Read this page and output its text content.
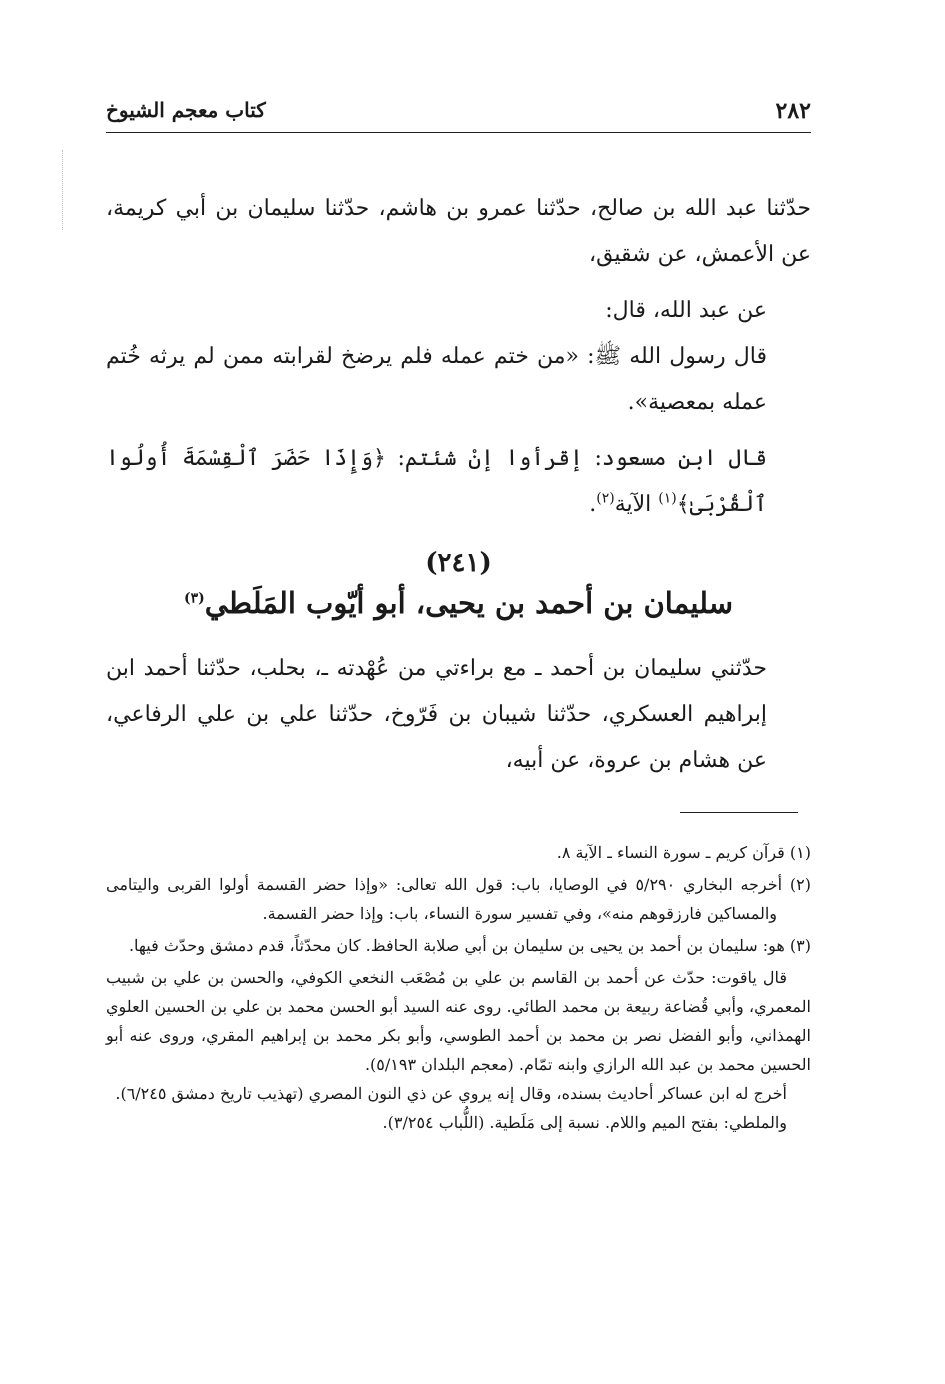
٢٨٢
كتاب معجم الشيوخ

حدّثنا عبد الله بن صالح، حدّثنا عمرو بن هاشم، حدّثنا سليمان بن أبي كريمة، عن الأعمش، عن شقيق،

عن عبد الله، قال:

قال رسول الله ﷺ: «من ختم عمله فلم يرضخ لقرابته ممن لم يرثه خُتم عمله بمعصية».

قال ابن مسعود: إقرأوا إنْ شئتم: ﴿وَإِذَا حَضَرَ ٱلْقِسْمَةَ أُولُوا ٱلْقُرْبَىٰ﴾$^{(١)}$ الآية$^{(٢)}$.

(٢٤١)
سليمان بن أحمد بن يحيى، أبو أيّوب المَلَطي$^{(٣)}$

حدّثني سليمان بن أحمد ـ مع براءتي من عُهْدته ـ، بحلب، حدّثنا أحمد ابن إبراهيم العسكري، حدّثنا شيبان بن فَرّوخ، حدّثنا علي بن علي الرفاعي، عن هشام بن عروة، عن أبيه،

(١) قرآن كريم ـ سورة النساء ـ الآية ٨.

(٢) أخرجه البخاري ٥/٢٩٠ في الوصايا، باب: قول الله تعالى: «وإذا حضر القسمة أولوا القربى واليتامى والمساكين فارزقوهم منه»، وفي تفسير سورة النساء، باب: وإذا حضر القسمة.

(٣) هو: سليمان بن أحمد بن يحيى بن سليمان بن أبي صلابة الحافظ. كان محدّثاً، قدم دمشق وحدّث فيها.

قال ياقوت: حدّث عن أحمد بن القاسم بن علي بن مُصْعَب النخعي الكوفي، والحسن بن علي بن شبيب المعمري، وأبي قُضاعة ربيعة بن محمد الطائي. روى عنه السيد أبو الحسن محمد بن علي بن الحسين العلوي الهمذاني، وأبو الفضل نصر بن محمد بن أحمد الطوسي، وأبو بكر محمد بن إبراهيم المقري، وروى عنه أبو الحسين محمد بن عبد الله الرازي وابنه تمّام. (معجم البلدان ٥/١٩٣).

أخرج له ابن عساكر أحاديث بسنده، وقال إنه يروي عن ذي النون المصري (تهذيب تاريخ دمشق ٦/٢٤٥).

والملطي: بفتح الميم واللام. نسبة إلى مَلَطية. (اللُّباب ٣/٢٥٤).
